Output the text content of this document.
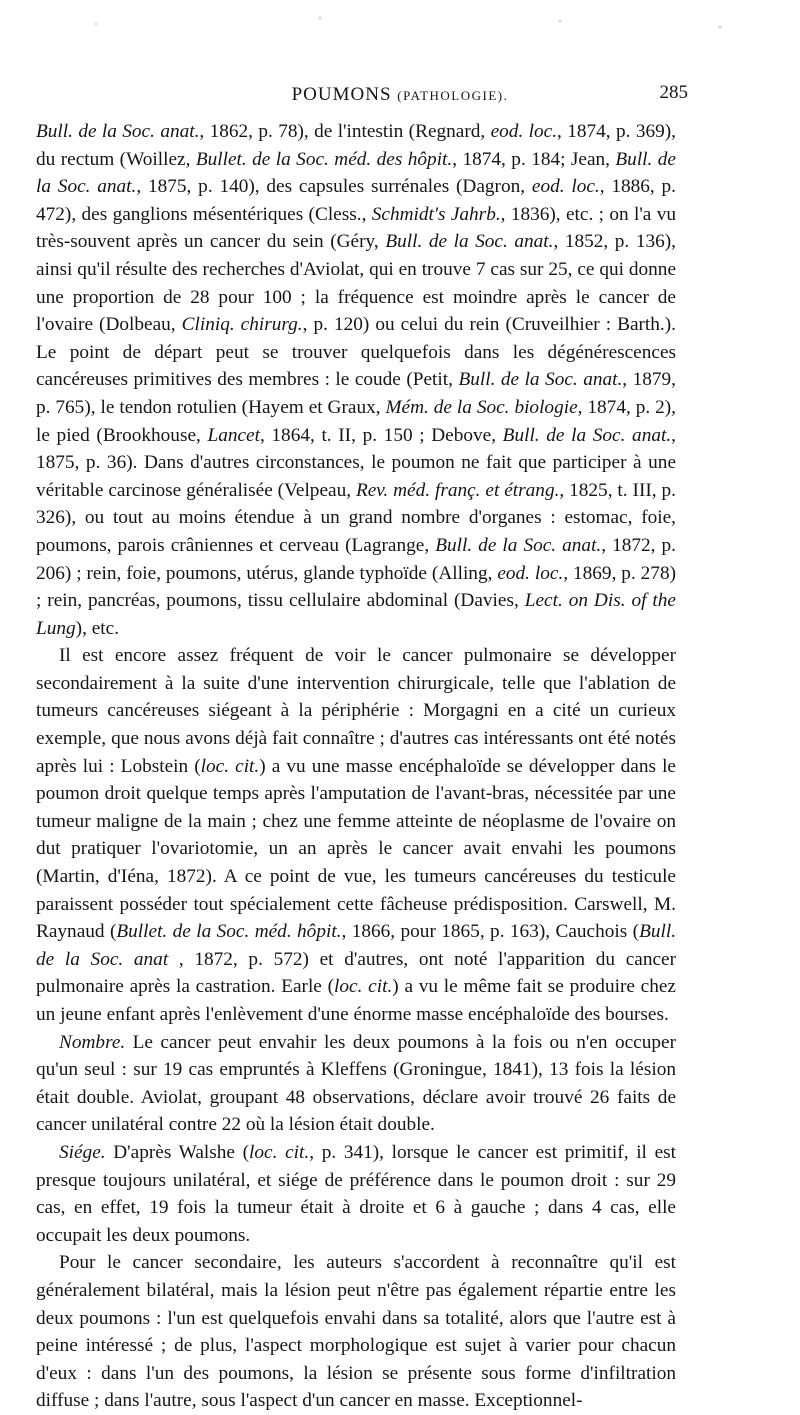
POUMONS (PATHOLOGIE).	285

Bull. de la Soc. anat., 1862, p. 78), de l'intestin (Regnard, eod. loc., 1874, p. 369), du rectum (Woillez, Bullet. de la Soc. méd. des hôpit., 1874, p. 184; Jean, Bull. de la Soc. anat., 1875, p. 140), des capsules surrénales (Dagron, eod. loc., 1886, p. 472), des ganglions mésentériques (Cless., Schmidt's Jahrb., 1836), etc. ; on l'a vu très-souvent après un cancer du sein (Géry, Bull. de la Soc. anat., 1852, p. 136), ainsi qu'il résulte des recherches d'Aviolat, qui en trouve 7 cas sur 25, ce qui donne une proportion de 28 pour 100 ; la fréquence est moindre après le cancer de l'ovaire (Dolbeau, Cliniq. chirurg., p. 120) ou celui du rein (Cruveilhier : Barth.). Le point de départ peut se trouver quelquefois dans les dégénérescences cancéreuses primitives des membres : le coude (Petit, Bull. de la Soc. anat., 1879, p. 765), le tendon rotulien (Hayem et Graux, Mém. de la Soc. biologie, 1874, p. 2), le pied (Brookhouse, Lancet, 1864, t. II, p. 150 ; Debove, Bull. de la Soc. anat., 1875, p. 36). Dans d'autres circonstances, le poumon ne fait que participer à une véritable carcinose généralisée (Velpeau, Rev. méd. franç. et étrang., 1825, t. III, p. 326), ou tout au moins étendue à un grand nombre d'organes : estomac, foie, poumons, parois crâniennes et cerveau (Lagrange, Bull. de la Soc. anat., 1872, p. 206) ; rein, foie, poumons, utérus, glande typhoïde (Alling, eod. loc., 1869, p. 278) ; rein, pancréas, poumons, tissu cellulaire abdominal (Davies, Lect. on Dis. of the Lung), etc.

Il est encore assez fréquent de voir le cancer pulmonaire se développer secondairement à la suite d'une intervention chirurgicale, telle que l'ablation de tumeurs cancéreuses siégeant à la périphérie : Morgagni en a cité un curieux exemple, que nous avons déjà fait connaître ; d'autres cas intéressants ont été notés après lui : Lobstein (loc. cit.) a vu une masse encéphaloïde se développer dans le poumon droit quelque temps après l'amputation de l'avant-bras, nécessitée par une tumeur maligne de la main ; chez une femme atteinte de néoplasme de l'ovaire on dut pratiquer l'ovariotomie, un an après le cancer avait envahi les poumons (Martin, d'Iéna, 1872). A ce point de vue, les tumeurs cancéreuses du testicule paraissent posséder tout spécialement cette fâcheuse prédisposition. Carswell, M. Raynaud (Bullet. de la Soc. méd. hôpit., 1866, pour 1865, p. 163), Cauchois (Bull. de la Soc. anat , 1872, p. 572) et d'autres, ont noté l'apparition du cancer pulmonaire après la castration. Earle (loc. cit.) a vu le même fait se produire chez un jeune enfant après l'enlèvement d'une énorme masse encéphaloïde des bourses.

Nombre. Le cancer peut envahir les deux poumons à la fois ou n'en occuper qu'un seul : sur 19 cas empruntés à Kleffens (Groningue, 1841), 13 fois la lésion était double. Aviolat, groupant 48 observations, déclare avoir trouvé 26 faits de cancer unilatéral contre 22 où la lésion était double.

Siége. D'après Walshe (loc. cit., p. 341), lorsque le cancer est primitif, il est presque toujours unilatéral, et siége de préférence dans le poumon droit : sur 29 cas, en effet, 19 fois la tumeur était à droite et 6 à gauche ; dans 4 cas, elle occupait les deux poumons.

Pour le cancer secondaire, les auteurs s'accordent à reconnaître qu'il est généralement bilatéral, mais la lésion peut n'être pas également répartie entre les deux poumons : l'un est quelquefois envahi dans sa totalité, alors que l'autre est à peine intéressé ; de plus, l'aspect morphologique est sujet à varier pour chacun d'eux : dans l'un des poumons, la lésion se présente sous forme d'infiltration diffuse ; dans l'autre, sous l'aspect d'un cancer en masse. Exceptionnel-
